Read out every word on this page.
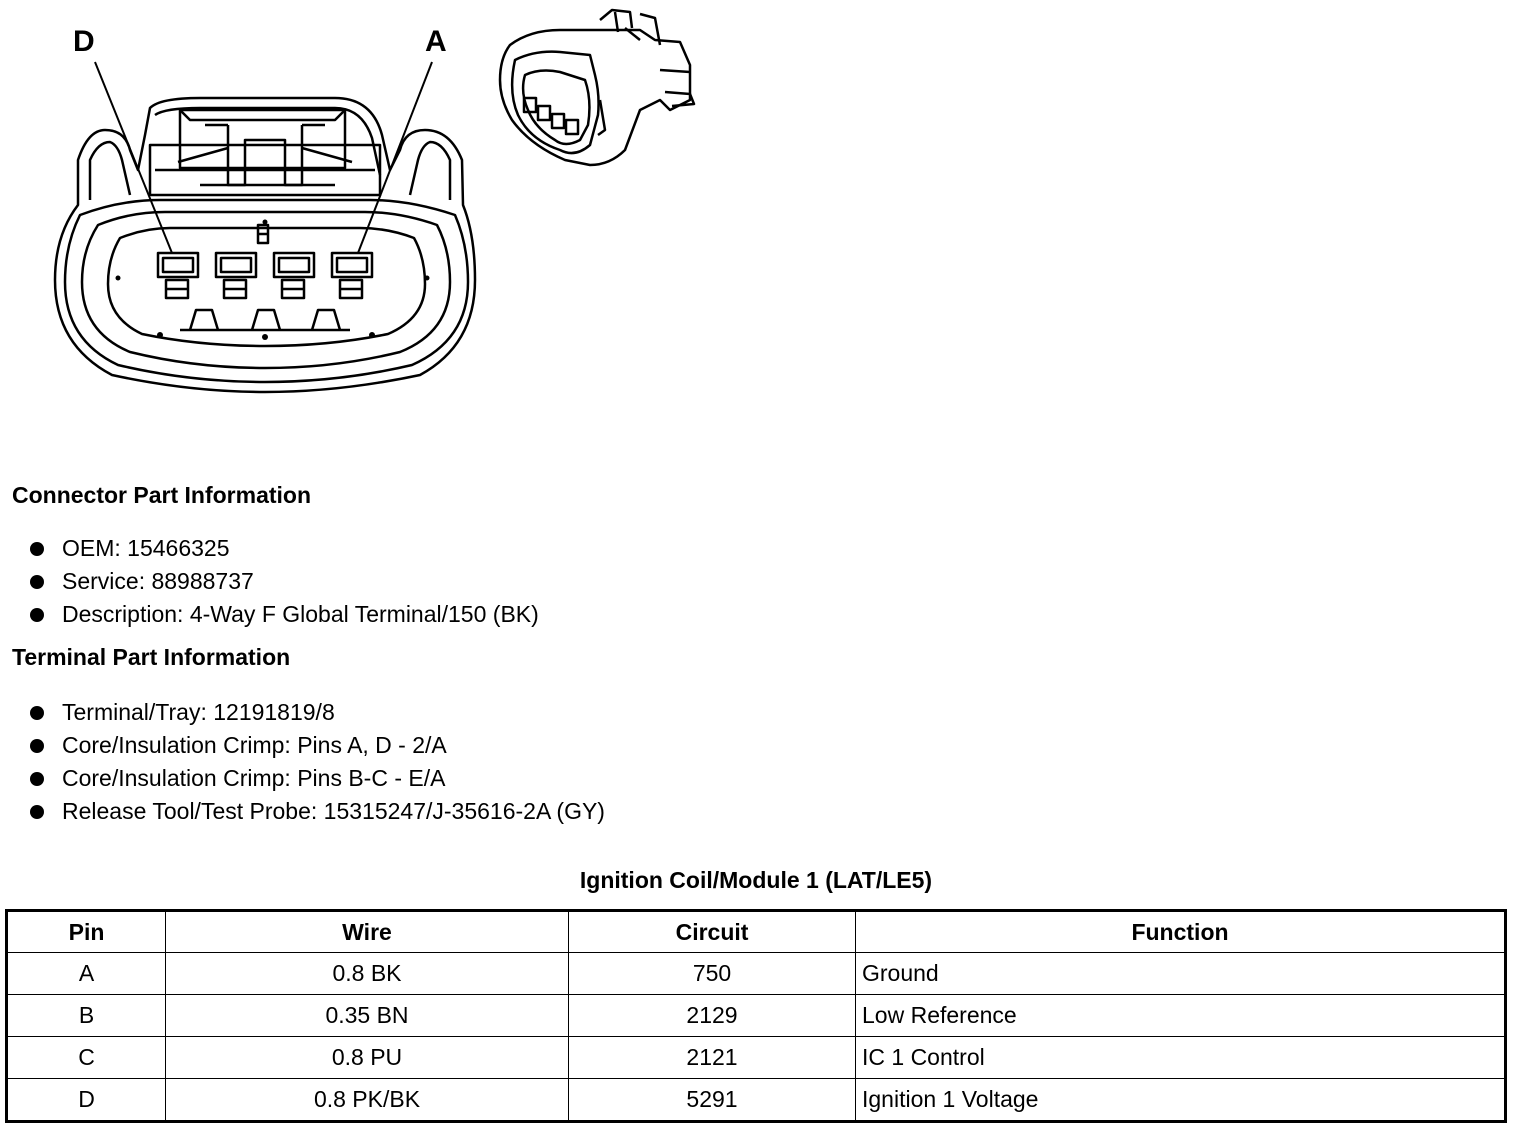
D	A
Connector Part Information
OEM: 15466325
Service: 88988737
Description: 4-Way F Global Terminal/150 (BK)
Terminal Part Information
Terminal/Tray: 12191819/8
Core/Insulation Crimp: Pins A, D - 2/A
Core/Insulation Crimp: Pins B-C - E/A
Release Tool/Test Probe: 15315247/J-35616-2A (GY)
Ignition Coil/Module 1 (LAT/LE5)
Pin	Wire	Circuit	Function
A	0.8 BK	750	Ground
B	0.35 BN	2129	Low Reference
C	0.8 PU	2121	IC 1 Control
D	0.8 PK/BK	5291	Ignition 1 Voltage
